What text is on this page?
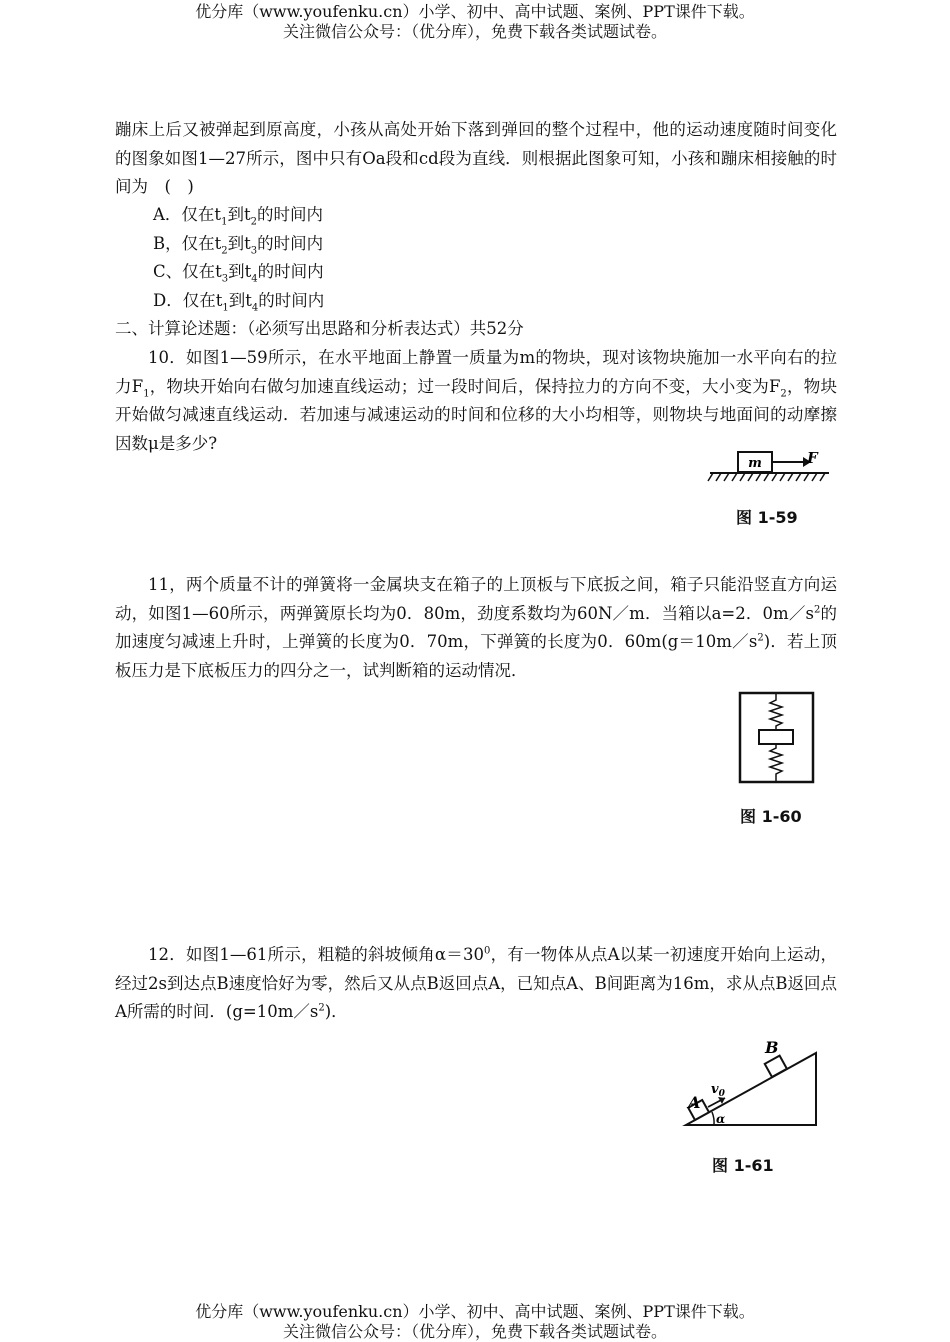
优分库（www.youfenku.cn）小学、初中、高中试题、案例、PPT课件下载。
关注微信公众号：（优分库），免费下载各类试题试卷。
蹦床上后又被弹起到原高度，小孩从高处开始下落到弹回的整个过程中，他的运动速度随时间变化的图象如图1—27所示，图中只有Oa段和cd段为直线．则根据此图象可知，小孩和蹦床相接触的时间为　(　)
A．仅在$t_1$到$t_2$的时间内
B，仅在$t_2$到$t_3$的时间内
C、仅在$t_3$到$t_4$的时间内
D．仅在$t_1$到$t_4$的时间内
二、计算论述题：（必须写出思路和分析表达式）共52分
10．如图1—59所示，在水平地面上静置一质量为m的物块，现对该物块施加一水平向右的拉力$F_1$，物块开始向右做匀加速直线运动；过一段时间后，保持拉力的方向不变，大小变为$F_2$，物块开始做匀减速直线运动．若加速与减速运动的时间和位移的大小均相等，则物块与地面间的动摩擦因数μ是多少?
m	F
图 1-59
11，两个质量不计的弹簧将一金属块支在箱子的上顶板与下底扳之间，箱子只能沿竖直方向运动，如图1—60所示，两弹簧原长均为0．80m，劲度系数均为60N／m．当箱以a=2．$0m/s^2$的加速度匀减速上升时，上弹簧的长度为0．70m，下弹簧的长度为0．$60m(g=10m/s^2)$．若上顶板压力是下底板压力的四分之一，试判断箱的运动情况．
图 1-60
12．如图1—61所示，粗糙的斜坡倾角$\alpha=30^0$，有一物体从点A以某一初速度开始向上运动，经过2s到达点B速度恰好为零，然后又从点B返回点A，已知点A、B间距离为16m，求从点B返回点A所需的时间．$(g=10m/s^2)$．
A
B
$v_0$
α
图 1-61
优分库（www.youfenku.cn）小学、初中、高中试题、案例、PPT课件下载。
关注微信公众号：（优分库），免费下载各类试题试卷。
